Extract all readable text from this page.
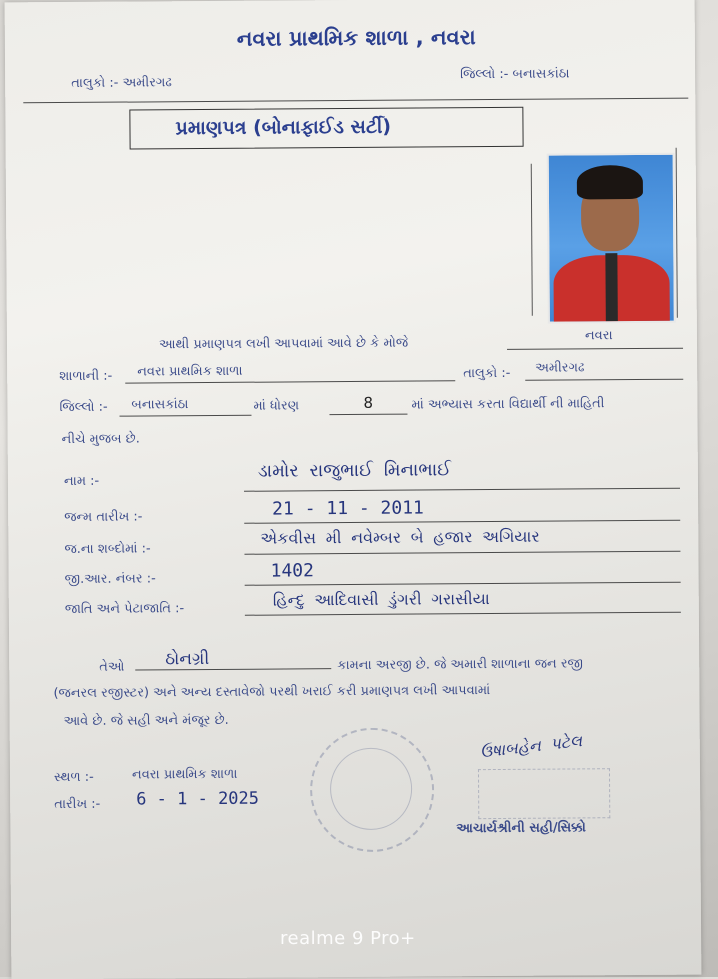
નવરા પ્રાથમિક શાળા , નવરા
તાલુકો :- અમીરગઢ
જિલ્લો :- બનાસકાંઠા
પ્રમાણપત્ર (બોનાફાઈડ સર્ટી)
આથી પ્રમાણપત્ર લખી આપવામાં આવે છે કે મોજે	નવરા
શાળાની :- નવરા પ્રાથમિક શાળા	તાલુકો :- અમીરગઢ
જિલ્લો :- બનાસકાંઠા	માં ધોરણ	8	માં અભ્યાસ કરતા વિદ્યાર્થી ની માહિતી
નીચે મુજબ છે.
નામ :-	ડામોર રાજુભાઈ મિનાભાઈ
જન્મ તારીખ :-	21 - 11 - 2011
જ.ના શબ્દોમાં :-
એકવીસ મી નવેમ્બર બે હજાર અગિયાર
જી.આર. નંબર :-	1402
જાતિ અને પેટાજાતિ :-	હિન્દુ આદિવાસી ડુંગરી ગરાસીયા
તેઓ ઠોનગ્રી	કામના અરજી છે. જે અમારી શાળાના જન રજી
(જનરલ રજીસ્ટર) અને અન્ય દસ્તાવેજો પરથી ખરાઈ કરી પ્રમાણપત્ર લખી આપવામાં
આવે છે. જે સહી અને મંજૂર છે.
સ્થળ :-	નવરા પ્રાથમિક શાળા
તારીખ :- 6 - 1 - 2025
ઉષાબહેન પટેલ
આચાર્યશ્રીની સહી/સિક્કો
realme 9 Pro+
